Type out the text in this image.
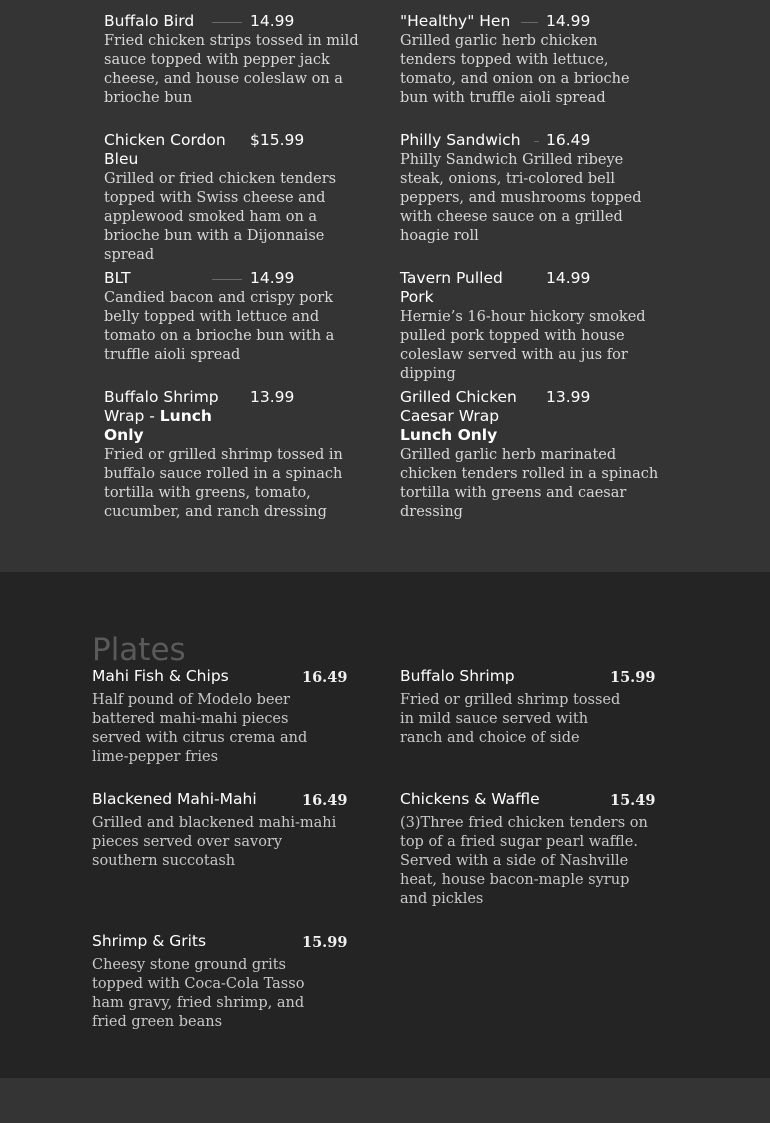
Buffalo Bird	14.99
Fried chicken strips tossed in mild sauce topped with pepper jack cheese, and house coleslaw on a brioche bun
Chicken Cordon Bleu
$15.99
Grilled or fried chicken tenders topped with Swiss cheese and applewood smoked ham on a brioche bun with a Dijonnaise spread
BLT	14.99
Candied bacon and crispy pork belly topped with lettuce and tomato on a brioche bun with a truffle aioli spread
Buffalo Shrimp Wrap - Lunch Only
13.99
Fried or grilled shrimp tossed in buffalo sauce rolled in a spinach tortilla with greens, tomato, cucumber, and ranch dressing
"Healthy" Hen	14.99
Grilled garlic herb chicken tenders topped with lettuce, tomato, and onion on a brioche bun with truffle aioli spread
Philly Sandwich	16.49
Philly Sandwich Grilled ribeye steak, onions, tri-colored bell peppers, and mushrooms topped with cheese sauce on a grilled hoagie roll
Tavern Pulled Pork
14.99
Hernie’s 16-hour hickory smoked pulled pork topped with house coleslaw served with au jus for dipping
Grilled Chicken Caesar Wrap
Lunch Only
13.99
Grilled garlic herb marinated chicken tenders rolled in a spinach tortilla with greens and caesar dressing
Plates
Mahi Fish & Chips	16.49
Half pound of Modelo beer battered mahi-mahi pieces served with citrus crema and lime-pepper fries
Buffalo Shrimp	15.99
Fried or grilled shrimp tossed in mild sauce served with ranch and choice of side
Blackened Mahi-Mahi	16.49
Grilled and blackened mahi-mahi pieces served over savory southern succotash
Chickens & Waffle	15.49
(3)Three fried chicken tenders on top of a fried sugar pearl waffle. Served with a side of Nashville heat, house bacon-maple syrup and pickles
Shrimp & Grits	15.99
Cheesy stone ground grits topped with Coca-Cola Tasso ham gravy, fried shrimp, and fried green beans
